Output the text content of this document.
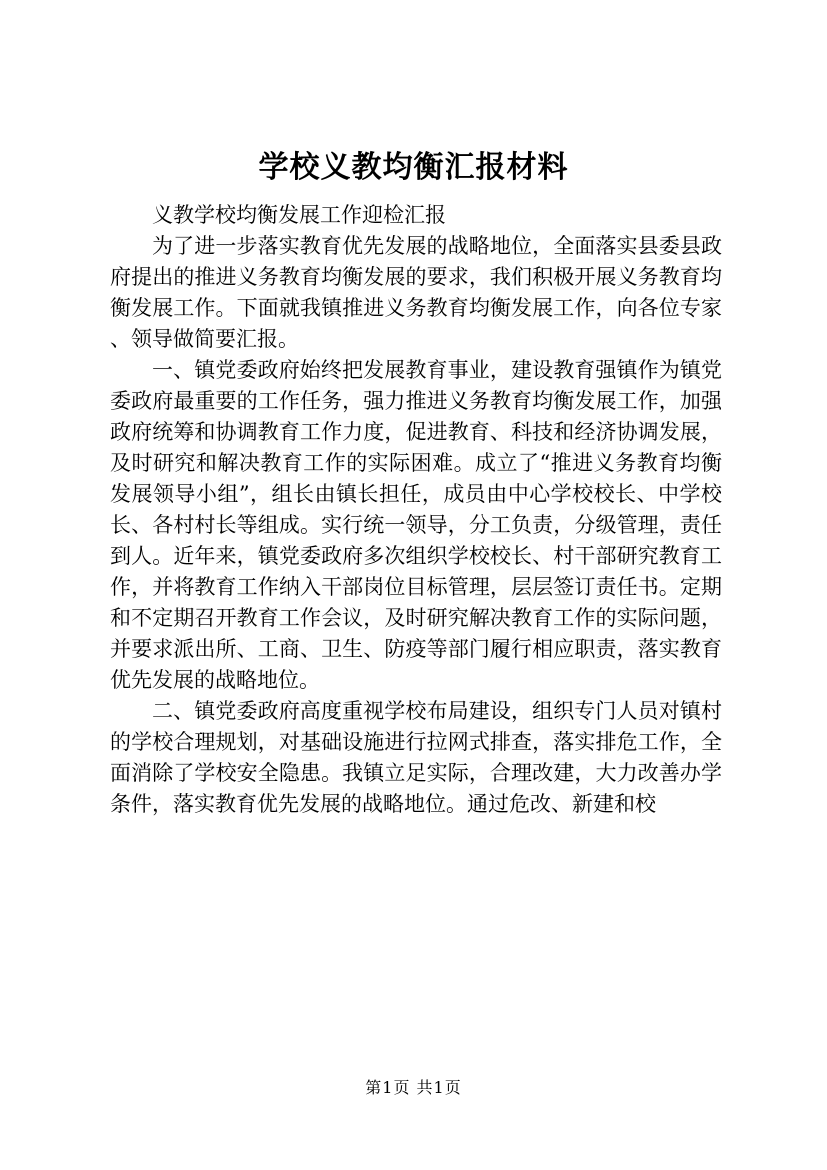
学校义教均衡汇报材料

义教学校均衡发展工作迎检汇报

为了进一步落实教育优先发展的战略地位，全面落实县委县政府提出的推进义务教育均衡发展的要求，我们积极开展义务教育均衡发展工作。下面就我镇推进义务教育均衡发展工作，向各位专家、领导做简要汇报。

一、镇党委政府始终把发展教育事业，建设教育强镇作为镇党委政府最重要的工作任务，强力推进义务教育均衡发展工作，加强政府统筹和协调教育工作力度，促进教育、科技和经济协调发展，及时研究和解决教育工作的实际困难。成立了“推进义务教育均衡发展领导小组”，组长由镇长担任，成员由中心学校校长、中学校长、各村村长等组成。实行统一领导，分工负责，分级管理，责任到人。近年来，镇党委政府多次组织学校校长、村干部研究教育工作，并将教育工作纳入干部岗位目标管理，层层签订责任书。定期和不定期召开教育工作会议，及时研究解决教育工作的实际问题，并要求派出所、工商、卫生、防疫等部门履行相应职责，落实教育优先发展的战略地位。

二、镇党委政府高度重视学校布局建设，组织专门人员对镇村的学校合理规划，对基础设施进行拉网式排查，落实排危工作，全面消除了学校安全隐患。我镇立足实际，合理改建，大力改善办学条件，落实教育优先发展的战略地位。通过危改、新建和校

第1页 共1页
